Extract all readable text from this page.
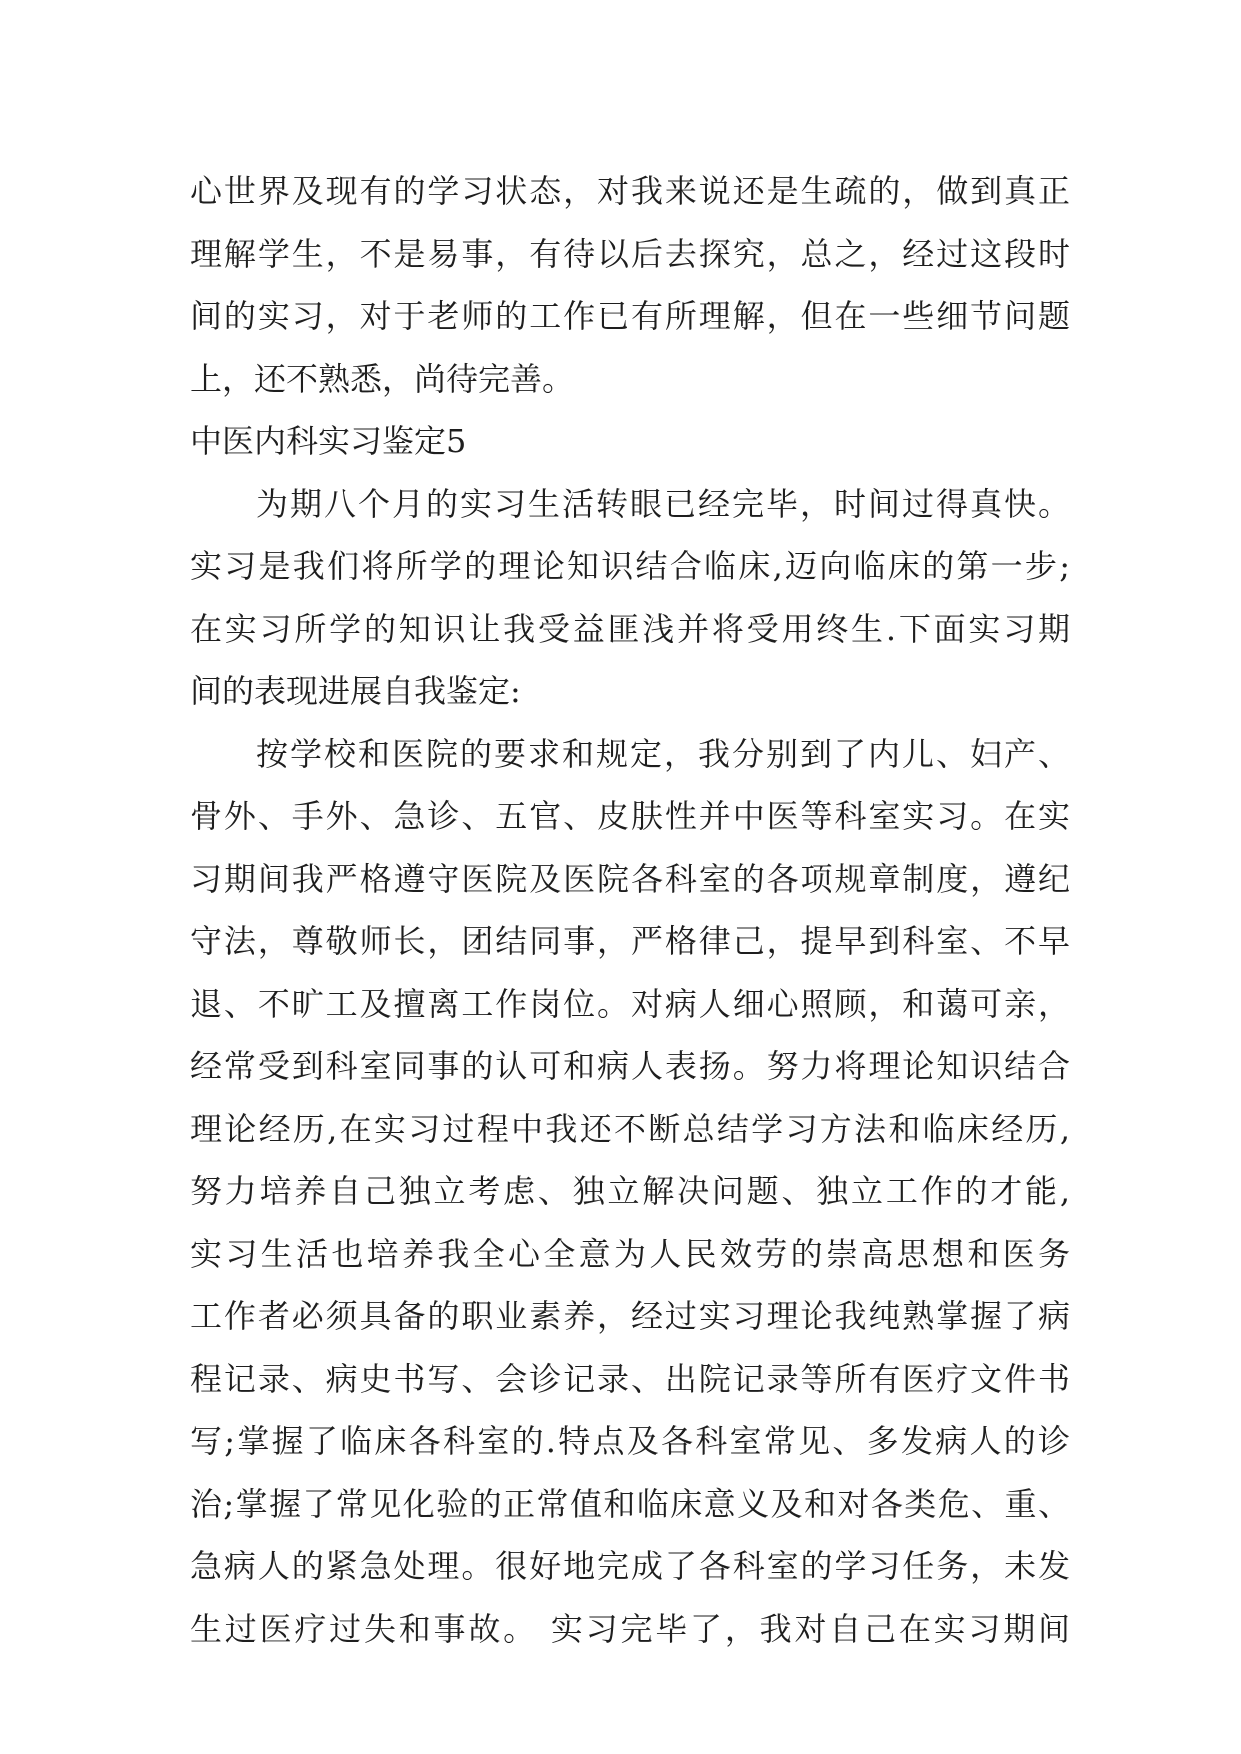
心世界及现有的学习状态，对我来说还是生疏的，做到真正
理解学生，不是易事，有待以后去探究，总之，经过这段时
间的实习，对于老师的工作已有所理解，但在一些细节问题
上，还不熟悉，尚待完善。
中医内科实习鉴定5
为期八个月的实习生活转眼已经完毕，时间过得真快。
实习是我们将所学的理论知识结合临床,迈向临床的第一步;
在实习所学的知识让我受益匪浅并将受用终生.下面实习期
间的表现进展自我鉴定:
按学校和医院的要求和规定，我分别到了内儿、妇产、
骨外、手外、急诊、五官、皮肤性并中医等科室实习。在实
习期间我严格遵守医院及医院各科室的各项规章制度，遵纪
守法，尊敬师长，团结同事，严格律己，提早到科室、不早
退、不旷工及擅离工作岗位。对病人细心照顾，和蔼可亲，
经常受到科室同事的认可和病人表扬。努力将理论知识结合
理论经历,在实习过程中我还不断总结学习方法和临床经历,
努力培养自己独立考虑、独立解决问题、独立工作的才能,
实习生活也培养我全心全意为人民效劳的崇高思想和医务
工作者必须具备的职业素养，经过实习理论我纯熟掌握了病
程记录、病史书写、会诊记录、出院记录等所有医疗文件书
写;掌握了临床各科室的.特点及各科室常见、多发病人的诊
治;掌握了常见化验的正常值和临床意义及和对各类危、重、
急病人的紧急处理。很好地完成了各科室的学习任务，未发
生过医疗过失和事故。 实习完毕了，我对自己在实习期间
